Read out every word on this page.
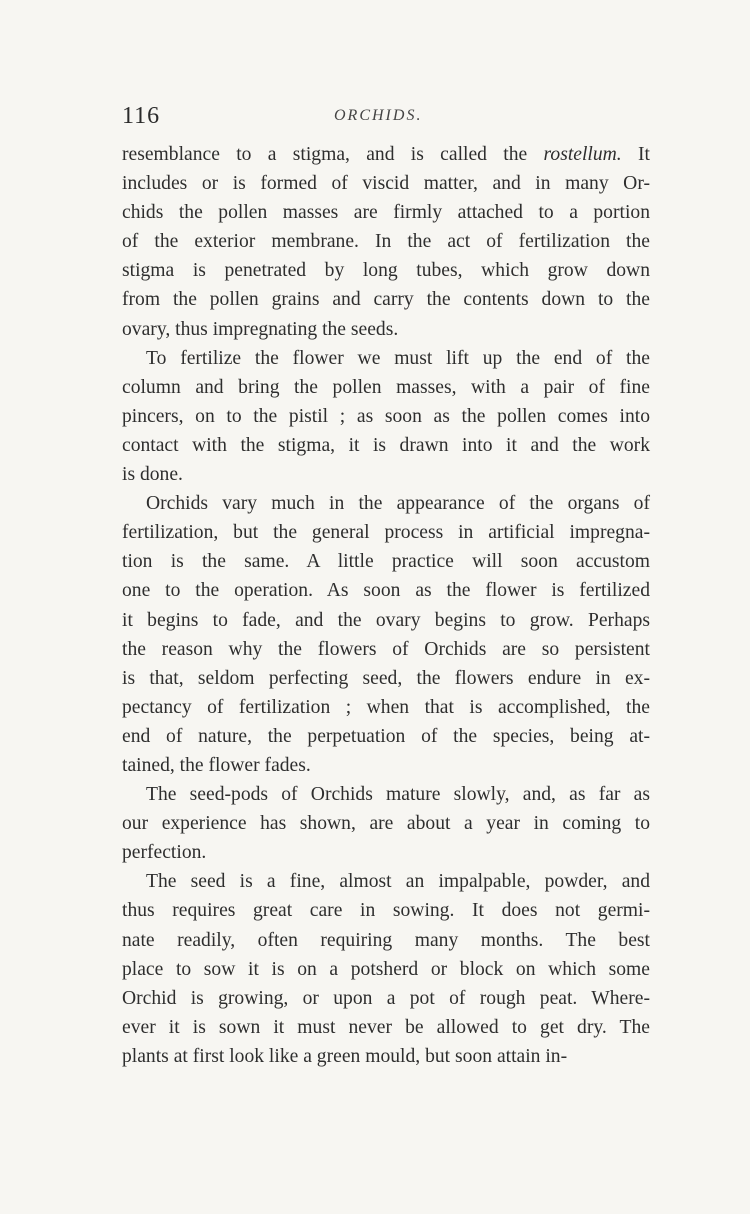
116	ORCHIDS.

resemblance to a stigma, and is called the rostellum. It
includes or is formed of viscid matter, and in many Or-
chids the pollen masses are firmly attached to a portion
of the exterior membrane. In the act of fertilization the
stigma is penetrated by long tubes, which grow down
from the pollen grains and carry the contents down to the
ovary, thus impregnating the seeds.

To fertilize the flower we must lift up the end of the
column and bring the pollen masses, with a pair of fine
pincers, on to the pistil ; as soon as the pollen comes into
contact with the stigma, it is drawn into it and the work
is done.

Orchids vary much in the appearance of the organs of
fertilization, but the general process in artificial impregna-
tion is the same. A little practice will soon accustom
one to the operation. As soon as the flower is fertilized
it begins to fade, and the ovary begins to grow. Perhaps
the reason why the flowers of Orchids are so persistent
is that, seldom perfecting seed, the flowers endure in ex-
pectancy of fertilization ; when that is accomplished, the
end of nature, the perpetuation of the species, being at-
tained, the flower fades.

The seed-pods of Orchids mature slowly, and, as far as
our experience has shown, are about a year in coming to
perfection.

The seed is a fine, almost an impalpable, powder, and
thus requires great care in sowing. It does not germi-
nate readily, often requiring many months. The best
place to sow it is on a potsherd or block on which some
Orchid is growing, or upon a pot of rough peat. Where-
ever it is sown it must never be allowed to get dry. The
plants at first look like a green mould, but soon attain in-
